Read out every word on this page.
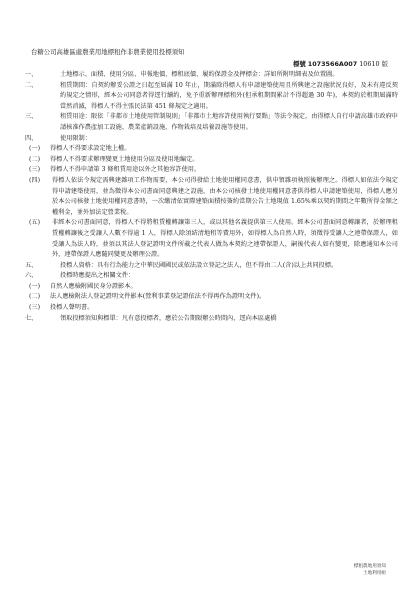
台糖公司高雄區處農業用地標租作非農業使用投標須知
標號 1073566A007 10610 版
一、	土地標示、面積、使用分區、申報地價、標租底價、履約保證金及押標金：詳如所附明細表及位置圖。
二、	租賃期間：自契約辦妥公證之日起至屆滿 10 年止，期滿除得標人有申請建築使用且所興建之設施狀況良好，及未有違反契約規定之情形，經本公司同意者得逕行續約，免予重新辦理標租外(但承租期間累計不得超過 30 年)，本契約於租期屆滿時當然消滅，得標人不得主張民法第 451 條規定之適用。
三、	租賃用途：限依「非都市土地使用管制規則」「非都市土地容許使用執行要點」等法令規定，由得標人自行申請高雄市政府申請核准作農產加工設施、農業產銷設施、作物栽培及培養設施等使用。
四、	使用限制：
(一) 得標人不得要求設定地上權。
(二) 得標人不得要求辦理變更土地使用分區及使用地編定。
(三) 得標人不得申請第 3 條租賃用途以外之其他容許使用。
(四) 得標人依法令規定需興建雜項工作物需要，本公司得發給土地使用權同意書，供申領雜項執照後辦理之。得標人如依法令規定得申請建築使用，並為徵得本公司書面同意興建之設施，由本公司核發土地使用權同意書供得標人申請建築使用，得標人應另於本公司核發土地使用權同意書時，一次繳清依實際建築面積按簽約當期公告土地現值 1.65%乘以契約期間之年數所得金額之權利金，並外加法定營業稅。
(五) 非經本公司書面同意，得標人不得將租賃權轉讓第三人，或以其他名義提供第三人使用。經本公司書面同意轉讓者，於辦理租賃權轉讓後之受讓人人數不得逾 1 人，得標人除須結清地租等費用外，如得標人為自然人時，須徵得受讓人之連帶保證人，如受讓人為法人時，並須以其法人登記證明文件所載之代表人做為本契約之連帶保證人，嗣後代表人如有變更，除應通知本公司外，連帶保證人應隨同變更及辦理公證。
五、	投標人資格：具有行為能力之中華民國國民或依法設立登記之法人，但不得由二人(含)以上共同投標。
六、	投標時應提出之相關文件：
(一) 自然人應檢附國民身分證影本。
(二) 法人應檢附法人登記證明文件影本(營利事業登記證依法不得再作為證明文件)。
(三) 投標人聲明書。
七、	領取投標須知與標單：凡有意投標者，應於公告期限辦公時間內，逕向本區處橋
標租農地用須知
土地利用組
